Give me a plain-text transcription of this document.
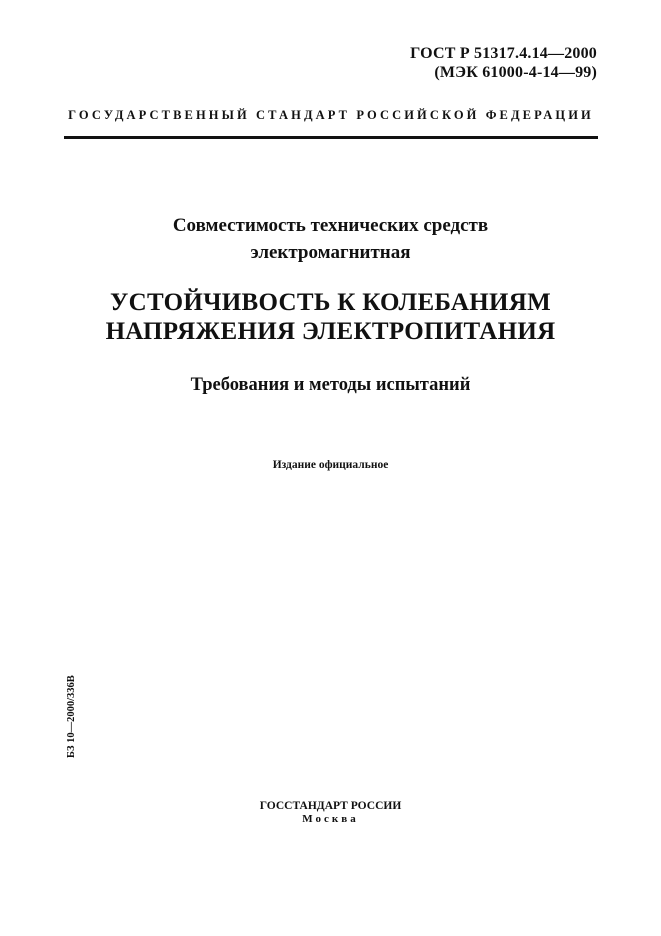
ГОСТ Р 51317.4.14—2000
(МЭК 61000-4-14—99)
ГОСУДАРСТВЕННЫЙ СТАНДАРТ РОССИЙСКОЙ ФЕДЕРАЦИИ
Совместимость технических средств
электромагнитная
УСТОЙЧИВОСТЬ К КОЛЕБАНИЯМ
НАПРЯЖЕНИЯ ЭЛЕКТРОПИТАНИЯ
Требования и методы испытаний
Издание официальное
БЗ 10—2000/336В
ГОССТАНДАРТ РОССИИ
Москва
